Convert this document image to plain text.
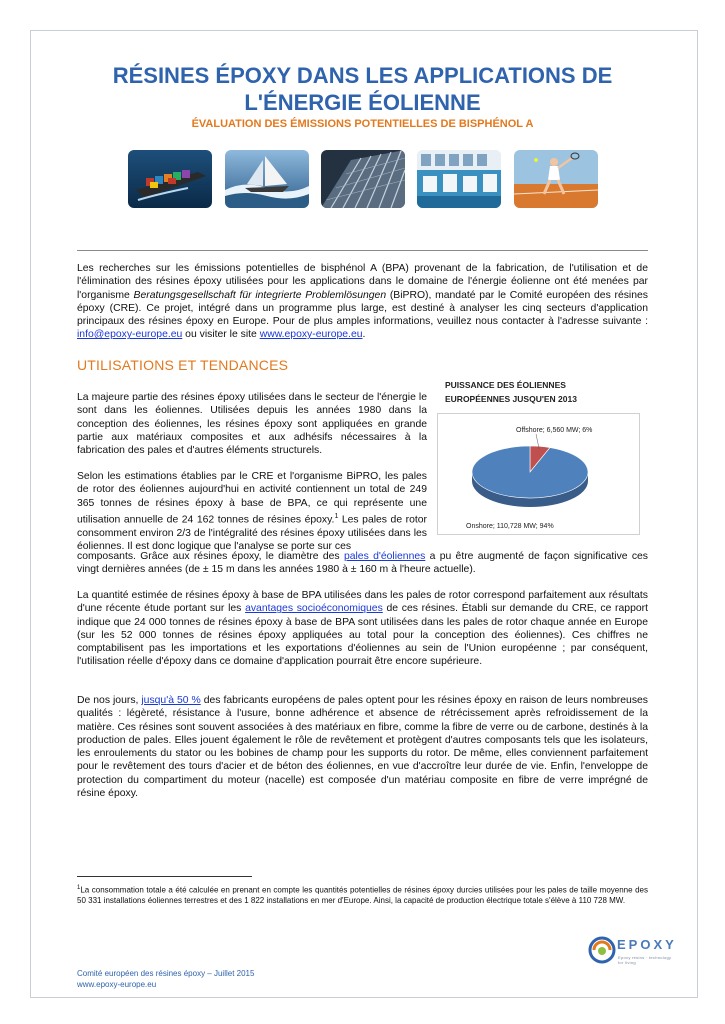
RÉSINES ÉPOXY DANS LES APPLICATIONS DE
L'ÉNERGIE ÉOLIENNE

ÉVALUATION DES ÉMISSIONS POTENTIELLES DE BISPHÉNOL A

Les recherches sur les émissions potentielles de bisphénol A (BPA) provenant de la fabrication, de l'utilisation et de l'élimination des résines époxy utilisées pour les applications dans le domaine de l'énergie éolienne ont été menées par l'organisme Beratungsgesellschaft für integrierte Problemlösungen (BiPRO), mandaté par le Comité européen des résines époxy (CRE). Ce projet, intégré dans un programme plus large, est destiné à analyser les cinq secteurs d'application principaux des résines époxy en Europe. Pour de plus amples informations, veuillez nous contacter à l'adresse suivante : info@epoxy-europe.eu ou visiter le site www.epoxy-europe.eu.

UTILISATIONS ET TENDANCES

La majeure partie des résines époxy utilisées dans le secteur de l'énergie le sont dans les éoliennes. Utilisées depuis les années 1980 dans la conception des éoliennes, les résines époxy sont appliquées en grande partie aux matériaux composites et aux adhésifs nécessaires à la fabrication des pales et d'autres éléments structurels.

Selon les estimations établies par le CRE et l'organisme BiPRO, les pales de rotor des éoliennes aujourd'hui en activité contiennent un total de 249 365 tonnes de résines époxy à base de BPA, ce qui représente une utilisation annuelle de 24 162 tonnes de résines époxy.$^1$ Les pales de rotor consomment environ 2/3 de l'intégralité des résines époxy utilisées dans les éoliennes. Il est donc logique que l'analyse se porte sur ces

composants. Grâce aux résines époxy, le diamètre des pales d'éoliennes a pu être augmenté de façon significative ces vingt dernières années (de ± 15 m dans les années 1980 à ± 160 m à l'heure actuelle).

La quantité estimée de résines époxy à base de BPA utilisées dans les pales de rotor correspond parfaitement aux résultats d'une récente étude portant sur les avantages socioéconomiques de ces résines. Établi sur demande du CRE, ce rapport indique que 24 000 tonnes de résines époxy à base de BPA sont utilisées dans les pales de rotor chaque année en Europe (sur les 52 000 tonnes de résines époxy appliquées au total pour la conception des éoliennes). Ces chiffres ne comptabilisent pas les importations et les exportations d'éoliennes au sein de l'Union européenne ; par conséquent, l'utilisation réelle d'époxy dans ce domaine d'application pourrait être encore supérieure.

De nos jours, jusqu'à 50 % des fabricants européens de pales optent pour les résines époxy en raison de leurs nombreuses qualités : légèreté, résistance à l'usure, bonne adhérence et absence de rétrécissement après refroidissement de la matière. Ces résines sont souvent associées à des matériaux en fibre, comme la fibre de verre ou de carbone, destinés à la production de pales. Elles jouent également le rôle de revêtement et protègent d'autres composants tels que les isolateurs, les enroulements du stator ou les bobines de champ pour les supports du rotor. De même, elles conviennent parfaitement pour le revêtement des tours d'acier et de béton des éoliennes, en vue d'accroître leur durée de vie. Enfin, l'enveloppe de protection du compartiment du moteur (nacelle) est composée d'un matériau composite en fibre de verre imprégné de résine époxy.

PUISSANCE DES ÉOLIENNES
EUROPÉENNES JUSQU'EN 2013

Offshore; 6,560 MW; 6%
Onshore; 110,728 MW; 94%

$^1$La consommation totale a été calculée en prenant en compte les quantités potentielles de résines époxy durcies utilisées pour les pales de taille moyenne des 50 331 installations éoliennes terrestres et des 1 822 installations en mer d'Europe. Ainsi, la capacité de production électrique totale s'élève à 110 728 MW.

Comité européen des résines époxy – Juillet 2015
www.epoxy-europe.eu

EPOXY
Epoxy resins · technology for living
